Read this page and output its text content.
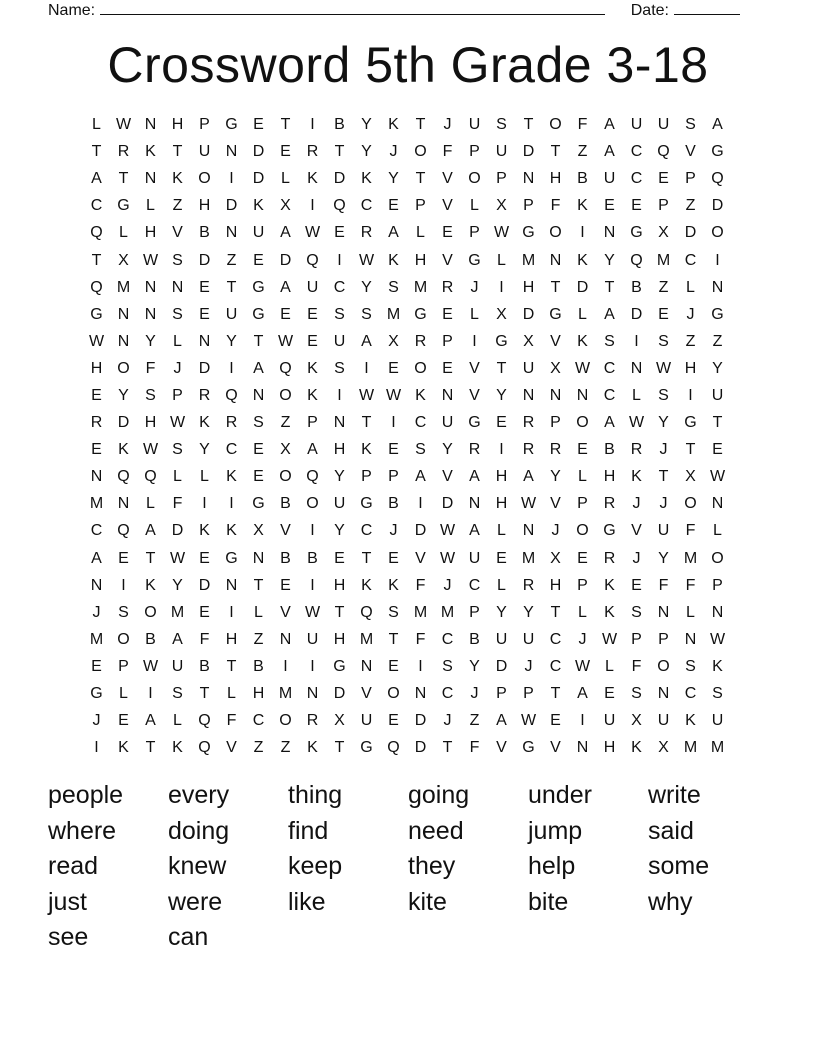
Name:	Date:
Crossword 5th Grade 3-18
L W N H P G E	T	I	B	Y	K	T	J	U S	T O F	A U U S	A
T	R K	T	U N D E R	T	Y	J	O F	P U D	T	Z	A C Q V G
A	T	N K O	I	D	L	K D K	Y	T	V O P N H B U C E	P Q
C G	L	Z	H D K	X	I	Q C E	P	V	L	X	P	F	K	E	E	P	Z	D
Q	L	H V	B N U A W E R A	L	E	P W G O	I	N G X D O
T	X W S D	Z	E D Q	I	W K H V G	L M N K	Y Q M C	I
Q M N N E	T G A U C Y	S M R	J	I	H	T	D	T	B	Z	L	N
G N N S	E U G E	E	S	S M G E	L	X D G	L	A D E	J	G
W N Y	L	N Y	T W E U A	X R P	I	G X	V	K	S	I	S	Z	Z
H O F	J	D	I	A Q K	S	I	E O E	V	T	U X W C N W H Y
E	Y	S	P R Q N O K	I	W W K N V	Y N N N C	L	S	I	U
R D H W K R S	Z	P N	T	I	C U G E R P O A W Y G T
E	K W S	Y C E	X	A H K	E	S	Y R	I	R R E	B R	J	T	E
N Q Q	L	L	K	E O Q Y	P	P	A	V	A H A	Y	L	H K	T	X W
M N	L	F	I	I	G B O U G B	I	D N H W V	P R	J	J	O N
C Q A D K	K	X	V	I	Y C	J	D W A	L	N	J	O G V U	F	L
A	E	T W E G N B	B	E	T	E	V W U E M X	E R	J	Y M O
N	I	K	Y D N	T	E	I	H K	K	F	J	C	L	R H P	K	E	F	F	P
J	S O M E	I	L	V W T Q S M M P	Y	Y	T	L	K	S N	L	N
M O B	A	F	H	Z	N U H M T	F	C B U U C	J W P	P N W
E	P W U B	T	B	I	I	G N E	I	S	Y D	J	C W L	F O S	K
G	L	I	S	T	L	H M N D V O N C	J	P	P	T	A	E	S N C S
J	E	A	L	Q F	C O R X U E D	J	Z	A W E	I	U X U K U
I	K	T	K Q V	Z	Z	K	T G Q D	T	F	V G V N H K	X M M
people	every	thing	going	under	write
where	doing	find	need	jump	said
read	knew	keep	they	help	some
just	were	like	kite	bite	why
see	can
